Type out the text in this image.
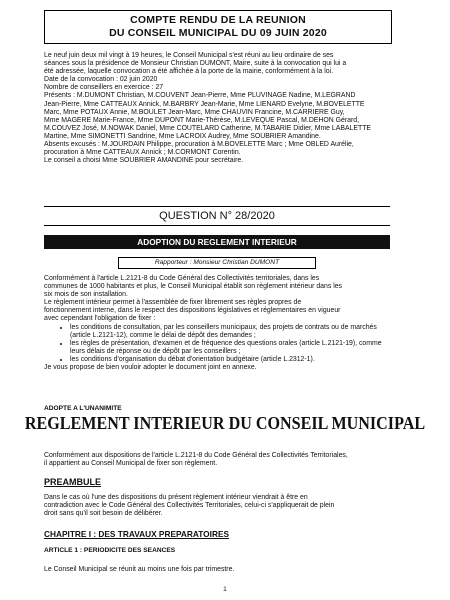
COMPTE RENDU DE LA REUNION
DU CONSEIL MUNICIPAL DU 09 JUIN 2020

Le neuf juin deux mil vingt à 19 heures, le Conseil Municipal s'est réuni au lieu ordinaire de ses

séances sous la présidence de Monsieur Christian DUMONT, Maire, suite à la convocation qui lui a

été adressée, laquelle convocation a été affichée à la porte de la mairie, conformément à la loi.

Date de la convocation : 02 juin 2020

Nombre de conseillers en exercice : 27

Présents : M.DUMONT Christian, M.COUVENT Jean-Pierre, Mme PLUVINAGE Nadine, M.LEGRAND

Jean-Pierre, Mme CATTEAUX Annick, M.BARBRY Jean-Marie, Mme LIENARD Evelyne, M.BOVELETTE

Marc, Mme POTAUX Annie, M.BOULET Jean-Marc, Mme CHAUVIN Francine, M.CARRIERE Guy,

Mme MAGERE Marie-France, Mme DUPONT Marie-Thérèse, M.LEVEQUE Pascal, M.DEHON Gérard,

M.COUVEZ José, M.NOWAK Daniel, Mme COUTELARD Catherine, M.TABARIE Didier, Mme LABALETTE

Martine, Mme SIMONETTI Sandrine, Mme LACROIX Audrey, Mme SOUBRIER Amandine.

Absents excusés : M.JOURDAIN Philippe, procuration à M.BOVELETTE Marc ; Mme OBLED Aurélie,

procuration à Mme CATTEAUX Annick ; M.CORMONT Corentin.

Le conseil a choisi Mme SOUBRIER AMANDINE pour secrétaire.

QUESTION N° 28/2020
ADOPTION DU REGLEMENT INTERIEUR
Rapporteur : Monsieur Christian DUMONT

Conformément à l'article L.2121-8 du Code Général des Collectivités territoriales, dans les

communes de 1000 habitants et plus, le Conseil Municipal établit son règlement intérieur dans les

six mois de son installation.

Le règlement intérieur permet à l'assemblée de fixer librement ses règles propres de

fonctionnement interne, dans le respect des dispositions législatives et réglementaires en vigueur

avec cependant l'obligation de fixer :

• les conditions de consultation, par les conseillers municipaux, des projets de contrats ou de marchés (article L.2121-12), comme le délai de dépôt des demandes ;
• les règles de présentation, d'examen et de fréquence des questions orales (article L.2121-19), comme leurs délais de réponse ou de dépôt par les conseillers ;
• les conditions d'organisation du débat d'orientation budgétaire (article L.2312-1).

Je vous propose de bien vouloir adopter le document joint en annexe.

ADOPTE A L'UNANIMITE
REGLEMENT INTERIEUR DU CONSEIL MUNICIPAL

Conformément aux dispositions de l'article L.2121-8 du Code Général des Collectivités Territoriales,

il appartient au Conseil Municipal de fixer son règlement.

PREAMBULE

Dans le cas où l'une des dispositions du présent règlement intérieur viendrait à être en

contradiction avec le Code Général des Collectivités Territoriales, celui-ci s'appliquerait de plein

droit sans qu'il soit besoin de délibérer.

CHAPITRE I : DES TRAVAUX PREPARATOIRES
ARTICLE 1 : PERIODICITE DES SEANCES
Le Conseil Municipal se réunit au moins une fois par trimestre.
1
